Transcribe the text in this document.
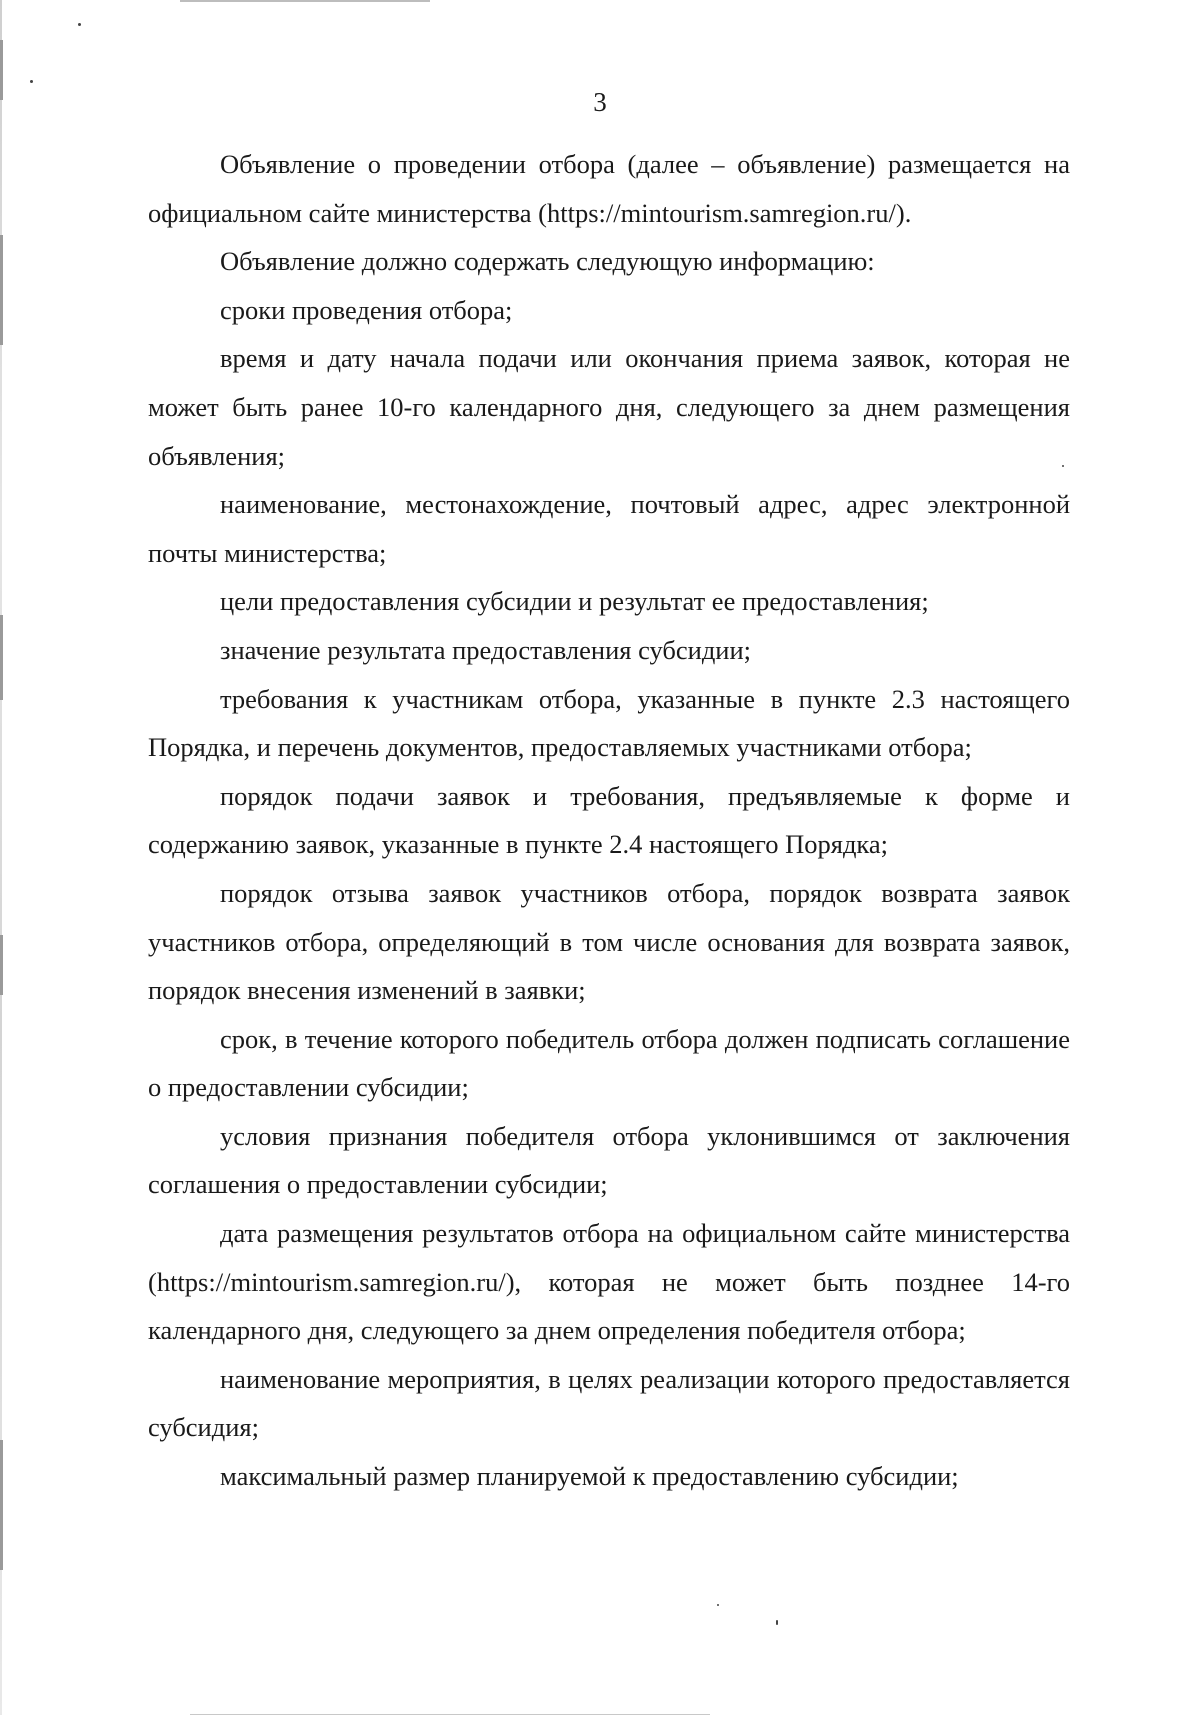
3

Объявление о проведении отбора (далее – объявление) размещается на официальном сайте министерства (https://mintourism.samregion.ru/).

Объявление должно содержать следующую информацию:

сроки проведения отбора;

время и дату начала подачи или окончания приема заявок, которая не может быть ранее 10-го календарного дня, следующего за днем размещения объявления;

наименование, местонахождение, почтовый адрес, адрес электронной почты министерства;

цели предоставления субсидии и результат ее предоставления;

значение результата предоставления субсидии;

требования к участникам отбора, указанные в пункте 2.3 настоящего Порядка, и перечень документов, предоставляемых участниками отбора;

порядок подачи заявок и требования, предъявляемые к форме и содержанию заявок, указанные в пункте 2.4 настоящего Порядка;

порядок отзыва заявок участников отбора, порядок возврата заявок участников отбора, определяющий в том числе основания для возврата заявок, порядок внесения изменений в заявки;

срок, в течение которого победитель отбора должен подписать соглашение о предоставлении субсидии;

условия признания победителя отбора уклонившимся от заключения соглашения о предоставлении субсидии;

дата размещения результатов отбора на официальном сайте министерства (https://mintourism.samregion.ru/), которая не может быть позднее 14-го календарного дня, следующего за днем определения победителя отбора;

наименование мероприятия, в целях реализации которого предоставляется субсидия;

максимальный размер планируемой к предоставлению субсидии;
